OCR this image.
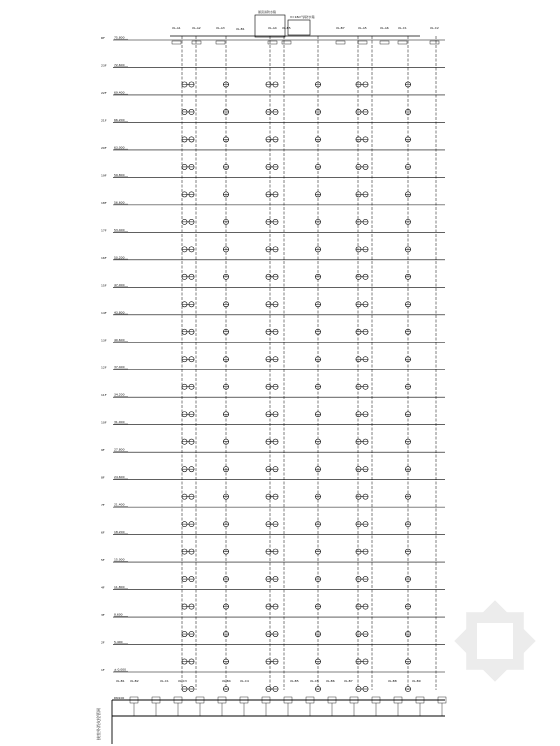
RF	75.800
23F 72.600
22F 69.400
21F 66.200
20F 63.000
19F 59.800
18F 56.600
17F 53.400
16F 50.200
15F 47.000
14F 43.800
13F 40.600
12F 37.400
11F 34.200
10F 31.000
9F	27.800
8F	24.600
7F	21.400
6F	18.200
5F	15.000
4F	11.800
3F	8.600
2F	5.400
1F	± 0.000
屋顶消防水箱
V=18m³消防水箱
XL-B1
XL-A1	XL-A2	XL-A3	XL-A4 XL-B5	XL-B7	XL-A5	XL-A6	XL-C1	XL-C2
接室外消火栓管网
DN100
XL-B1 XL-B2	XL-C1	XL-C3	XL-B4	XL-C4	XL-B5	XL-C5 XL-B6	XL-B7	XL-B8	XL-B9
